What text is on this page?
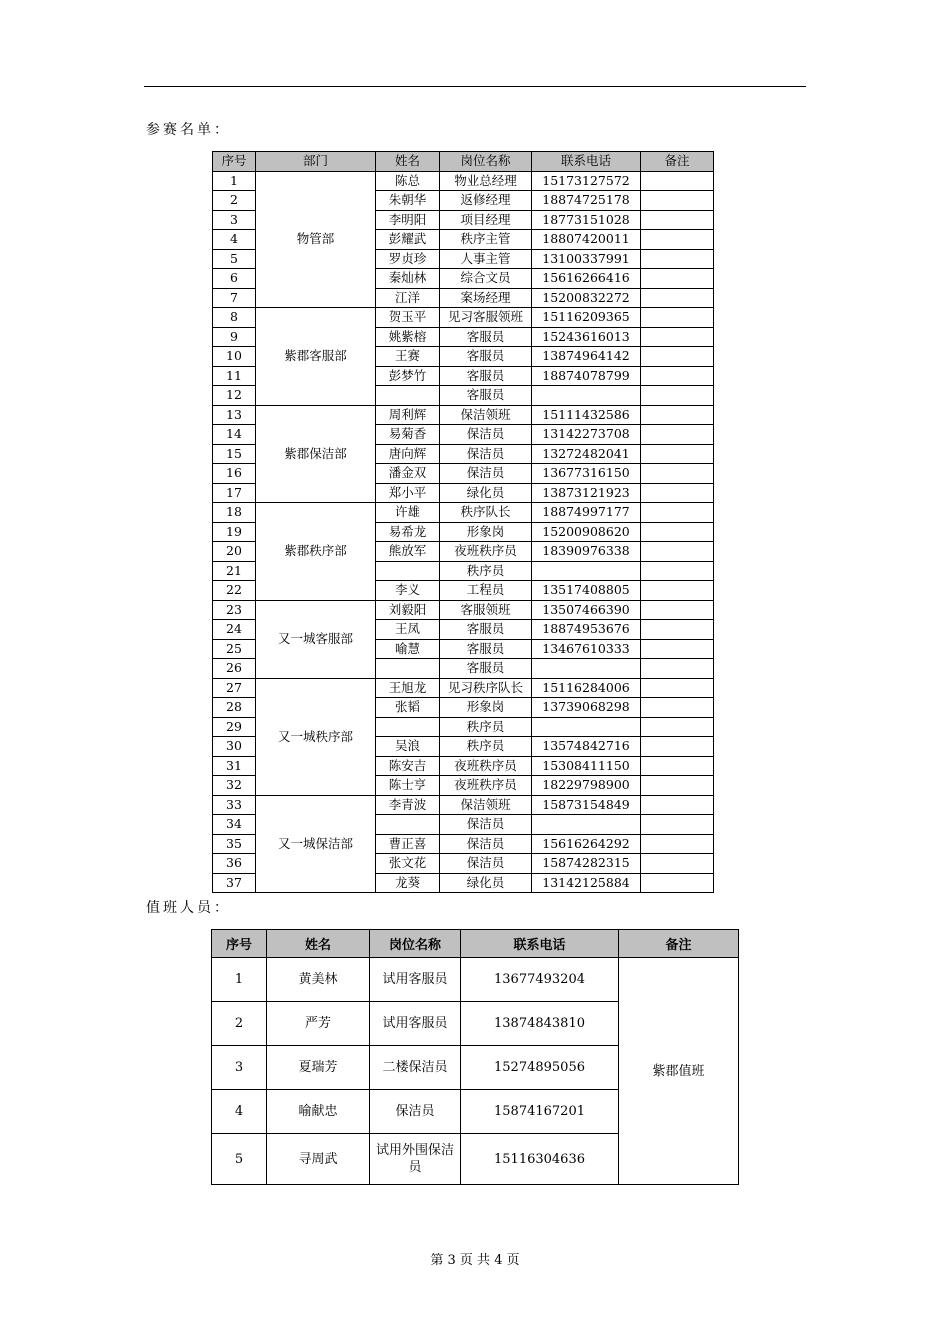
参赛名单：
序号	部门	姓名	岗位名称	联系电话	备注
1	物管部	陈总	物业总经理	15173127572	
2		朱朝华	返修经理	18874725178	
3		李明阳	项目经理	18773151028	
4		彭耀武	秩序主管	18807420011	
5		罗贞珍	人事主管	13100337991	
6		秦灿林	综合文员	15616266416	
7		江洋	案场经理	15200832272	
8	紫郡客服部	贺玉平	见习客服领班	15116209365	
9		姚紫榕	客服员	15243616013	
10		王赛	客服员	13874964142	
11		彭梦竹	客服员	18874078799	
12			客服员		
13	紫郡保洁部	周利辉	保洁领班	15111432586	
14		易菊香	保洁员	13142273708	
15		唐向辉	保洁员	13272482041	
16		潘金双	保洁员	13677316150	
17		郑小平	绿化员	13873121923	
18	紫郡秩序部	许雄	秩序队长	18874997177	
19		易希龙	形象岗	15200908620	
20		熊放军	夜班秩序员	18390976338	
21			秩序员		
22		李义	工程员	13517408805	
23	又一城客服部	刘毅阳	客服领班	13507466390	
24		王凤	客服员	18874953676	
25		喻慧	客服员	13467610333	
26			客服员		
27	又一城秩序部	王旭龙	见习秩序队长	15116284006	
28		张韬	形象岗	13739068298	
29			秩序员		
30		吴浪	秩序员	13574842716	
31		陈安吉	夜班秩序员	15308411150	
32		陈士亨	夜班秩序员	18229798900	
33	又一城保洁部	李青波	保洁领班	15873154849	
34			保洁员		
35		曹正喜	保洁员	15616264292	
36		张文花	保洁员	15874282315	
37		龙葵	绿化员	13142125884	
值班人员：
序号	姓名	岗位名称	联系电话	备注
1	黄美林	试用客服员	13677493204	紫郡值班
2	严芳	试用客服员	13874843810	
3	夏瑞芳	二楼保洁员	15274895056	
4	喻献忠	保洁员	15874167201	
5	寻周武	试用外围保洁员	15116304636	
第 3 页 共 4 页
